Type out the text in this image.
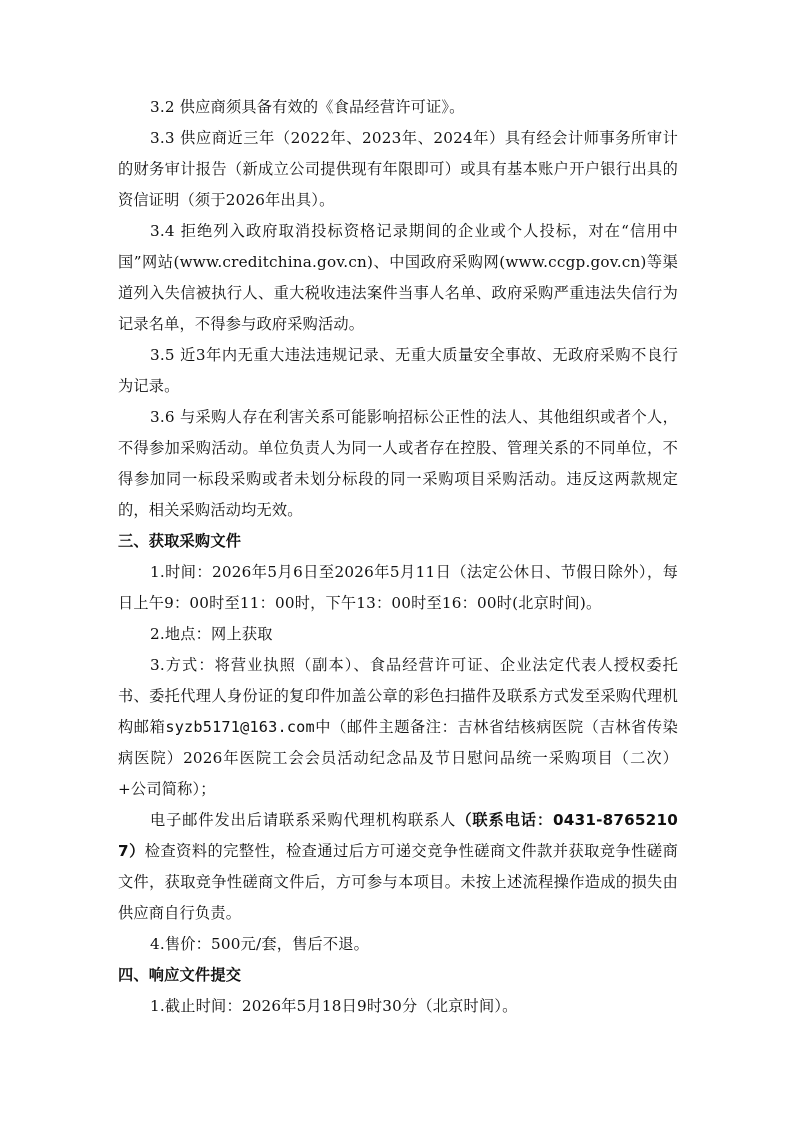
3.2 供应商须具备有效的《食品经营许可证》。

3.3 供应商近三年（2022年、2023年、2024年）具有经会计师事务所审计的财务审计报告（新成立公司提供现有年限即可）或具有基本账户开户银行出具的资信证明（须于2026年出具）。

3.4 拒绝列入政府取消投标资格记录期间的企业或个人投标，对在“信用中国”网站(www.creditchina.gov.cn)、中国政府采购网(www.ccgp.gov.cn)等渠道列入失信被执行人、重大税收违法案件当事人名单、政府采购严重违法失信行为记录名单，不得参与政府采购活动。

3.5 近3年内无重大违法违规记录、无重大质量安全事故、无政府采购不良行为记录。

3.6 与采购人存在利害关系可能影响招标公正性的法人、其他组织或者个人，不得参加采购活动。单位负责人为同一人或者存在控股、管理关系的不同单位，不得参加同一标段采购或者未划分标段的同一采购项目采购活动。违反这两款规定的，相关采购活动均无效。

三、获取采购文件

1.时间：2026年5月6日至2026年5月11日（法定公休日、节假日除外），每日上午9：00时至11：00时，下午13：00时至16：00时(北京时间)。

2.地点：网上获取

3.方式：将营业执照（副本）、食品经营许可证、企业法定代表人授权委托书、委托代理人身份证的复印件加盖公章的彩色扫描件及联系方式发至采购代理机构邮箱syzb5171@163.com中（邮件主题备注：吉林省结核病医院（吉林省传染病医院）2026年医院工会会员活动纪念品及节日慰问品统一采购项目（二次）+公司简称）；

电子邮件发出后请联系采购代理机构联系人（联系电话：0431-87652107）检查资料的完整性，检查通过后方可递交竞争性磋商文件款并获取竞争性磋商文件，获取竞争性磋商文件后，方可参与本项目。未按上述流程操作造成的损失由供应商自行负责。

4.售价：500元/套，售后不退。

四、响应文件提交

1.截止时间：2026年5月18日9时30分（北京时间）。
